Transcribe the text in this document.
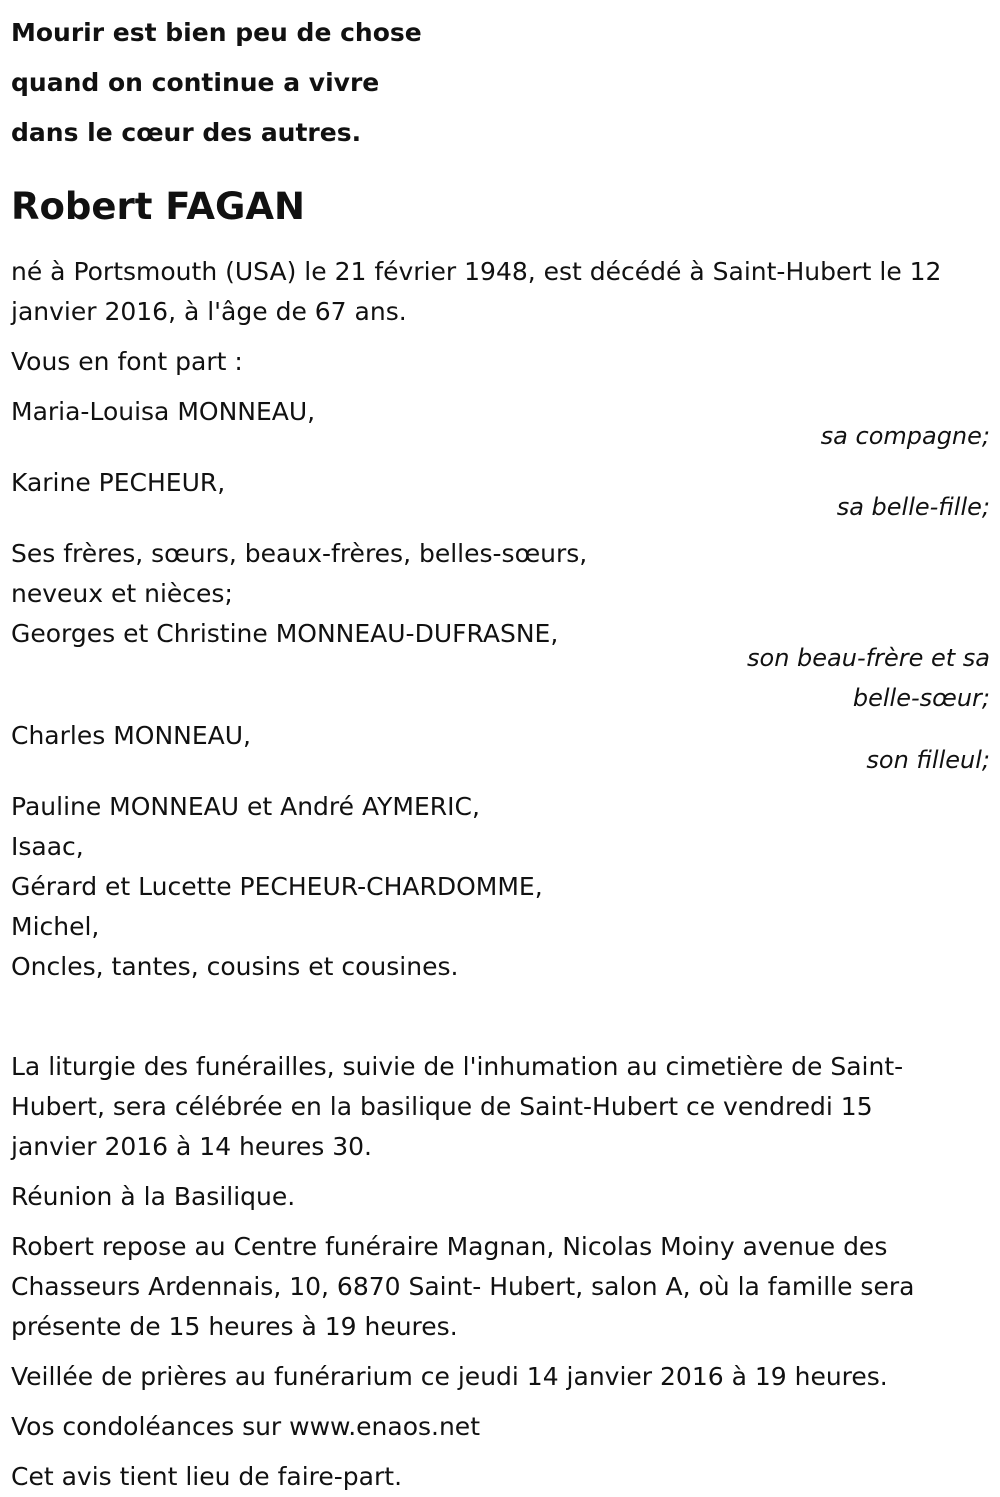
Mourir est bien peu de chose
quand on continue a vivre
dans le cœur des autres.
Robert FAGAN
né à Portsmouth (USA) le 21 février 1948, est décédé à Saint-Hubert le 12
janvier 2016, à l'âge de 67 ans.
Vous en font part :
Maria-Louisa MONNEAU,
sa compagne;
Karine PECHEUR,
sa belle-fille;
Ses frères, sœurs, beaux-frères, belles-sœurs,
neveux et nièces;
Georges et Christine MONNEAU-DUFRASNE,
son beau-frère et sa
belle-sœur;
Charles MONNEAU,
son filleul;
Pauline MONNEAU et André AYMERIC,
Isaac,
Gérard et Lucette PECHEUR-CHARDOMME,
Michel,
Oncles, tantes, cousins et cousines.
La liturgie des funérailles, suivie de l'inhumation au cimetière de Saint-
Hubert, sera célébrée en la basilique de Saint-Hubert ce vendredi 15
janvier 2016 à 14 heures 30.
Réunion à la Basilique.
Robert repose au Centre funéraire Magnan, Nicolas Moiny avenue des
Chasseurs Ardennais, 10, 6870 Saint- Hubert, salon A, où la famille sera
présente de 15 heures à 19 heures.
Veillée de prières au funérarium ce jeudi 14 janvier 2016 à 19 heures.
Vos condoléances sur www.enaos.net
Cet avis tient lieu de faire-part.
